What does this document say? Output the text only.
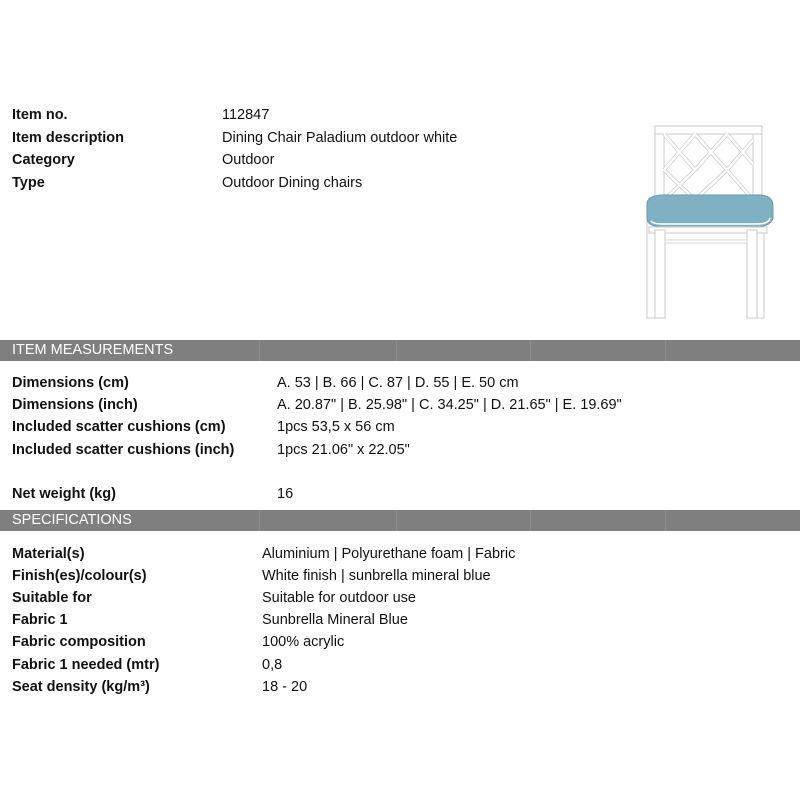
Item no.	112847
Item description	Dining Chair Paladium outdoor white
Category	Outdoor
Type	Outdoor Dining chairs
ITEM MEASUREMENTS
Dimensions (cm)	A. 53 | B. 66 | C. 87 | D. 55 | E. 50 cm
Dimensions (inch)	A. 20.87" | B. 25.98" | C. 34.25" | D. 21.65" | E. 19.69"
Included scatter cushions (cm)	1pcs 53,5 x 56 cm
Included scatter cushions (inch)	1pcs 21.06" x 22.05"
Net weight (kg)	16
SPECIFICATIONS
Material(s)	Aluminium | Polyurethane foam | Fabric
Finish(es)/colour(s)	White finish | sunbrella mineral blue
Suitable for	Suitable for outdoor use
Fabric 1	Sunbrella Mineral Blue
Fabric composition	100% acrylic
Fabric 1 needed (mtr)	0,8
Seat density (kg/m³)	18 - 20
